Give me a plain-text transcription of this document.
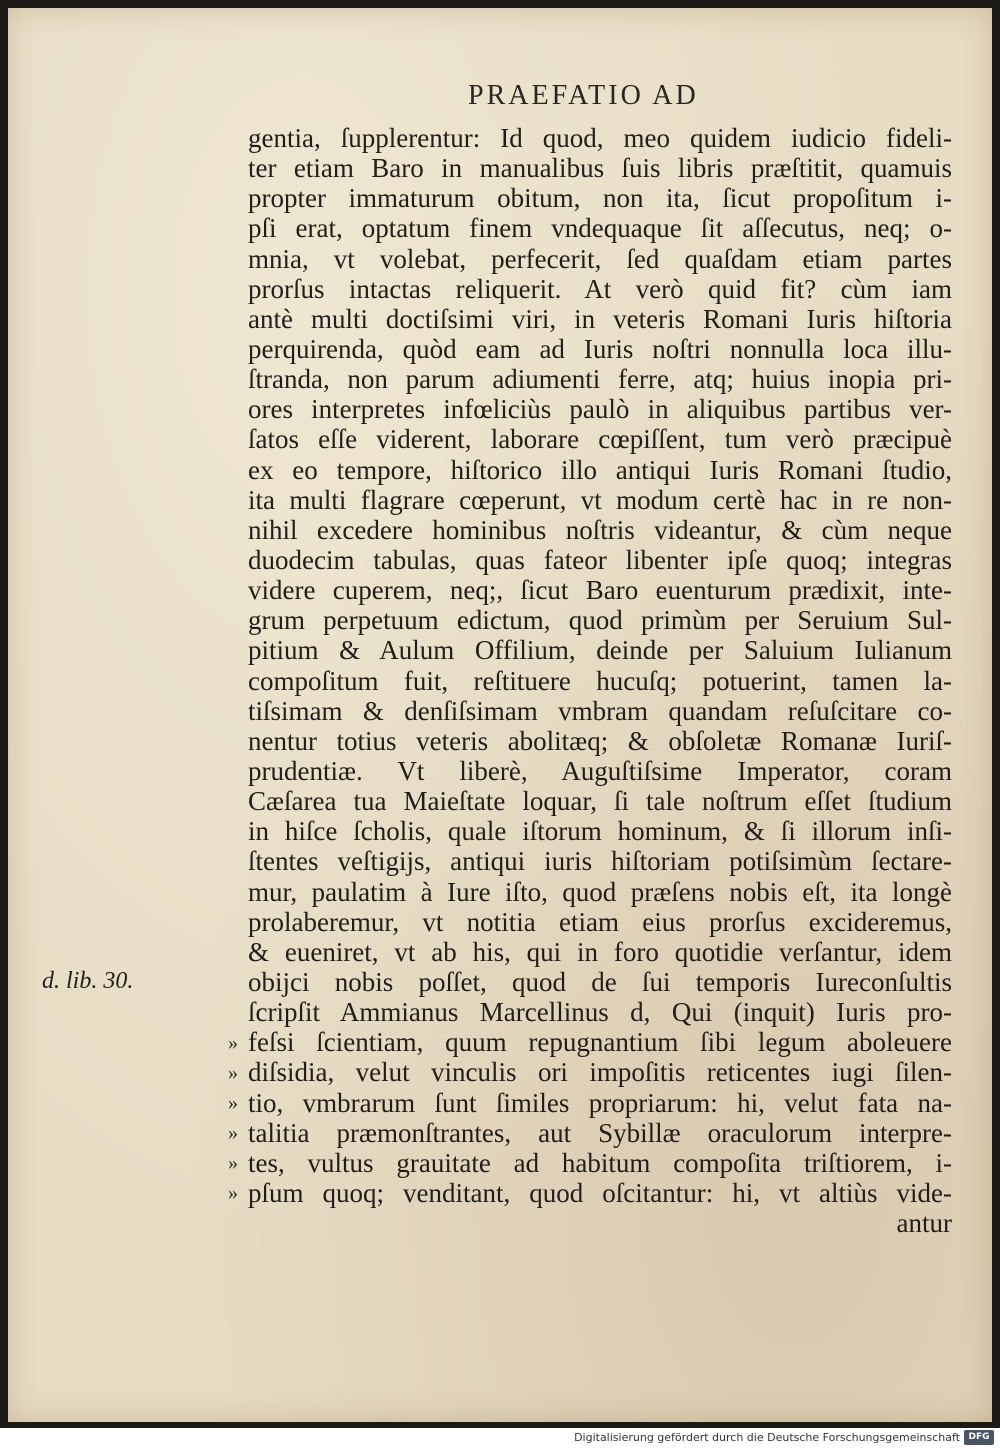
PRAEFATIO AD
gentia, ſupplerentur: Id quod, meo quidem iudicio fideli-
ter etiam Baro in manualibus ſuis libris præſtitit, quamuis
propter immaturum obitum, non ita, ſicut propoſitum i-
pſi erat, optatum finem vndequaque ſit aſſecutus, neq; o-
mnia, vt volebat, perfecerit, ſed quaſdam etiam partes
prorſus intactas reliquerit. At verò quid fit? cùm iam
antè multi doctiſsimi viri, in veteris Romani Iuris hiſtoria
perquirenda, quòd eam ad Iuris noſtri nonnulla loca illu-
ſtranda, non parum adiumenti ferre, atq; huius inopia pri-
ores interpretes infœliciùs paulò in aliquibus partibus ver-
ſatos eſſe viderent, laborare cœpiſſent, tum verò præcipuè
ex eo tempore, hiſtorico illo antiqui Iuris Romani ſtudio,
ita multi flagrare cœperunt, vt modum certè hac in re non-
nihil excedere hominibus noſtris videantur, & cùm neque
duodecim tabulas, quas fateor libenter ipſe quoq; integras
videre cuperem, neq;, ſicut Baro euenturum prædixit, inte-
grum perpetuum edictum, quod primùm per Seruium Sul-
pitium & Aulum Offilium, deinde per Saluium Iulianum
compoſitum fuit, reſtituere hucuſq; potuerint, tamen la-
tiſsimam & denſiſsimam vmbram quandam reſuſcitare co-
nentur totius veteris abolitæq; & obſoletæ Romanæ Iuriſ-
prudentiæ. Vt liberè, Auguſtiſsime Imperator, coram
Cæſarea tua Maieſtate loquar, ſi tale noſtrum eſſet ſtudium
in hiſce ſcholis, quale iſtorum hominum, & ſi illorum inſi-
ſtentes veſtigijs, antiqui iuris hiſtoriam potiſsimùm ſectare-
mur, paulatim à Iure iſto, quod præſens nobis eſt, ita longè
prolaberemur, vt notitia etiam eius prorſus excideremus,
& eueniret, vt ab his, qui in foro quotidie verſantur, idem
obijci nobis poſſet, quod de ſui temporis Iureconſultis
ſcripſit Ammianus Marcellinus d, Qui (inquit) Iuris pro-
feſsi ſcientiam, quum repugnantium ſibi legum aboleuere
diſsidia, velut vinculis ori impoſitis reticentes iugi ſilen-
tio, vmbrarum ſunt ſimiles propriarum: hi, velut fata na-
talitia præmonſtrantes, aut Sybillæ oraculorum interpre-
tes, vultus grauitate ad habitum compoſita triſtiorem, i-
pſum quoq; venditant, quod oſcitantur: hi, vt altiùs vide-
antur
d. lib. 30.
»
»
»
»
»
»
Digitalisierung gefördert durch die Deutsche Forschungsgemeinschaft DFG
